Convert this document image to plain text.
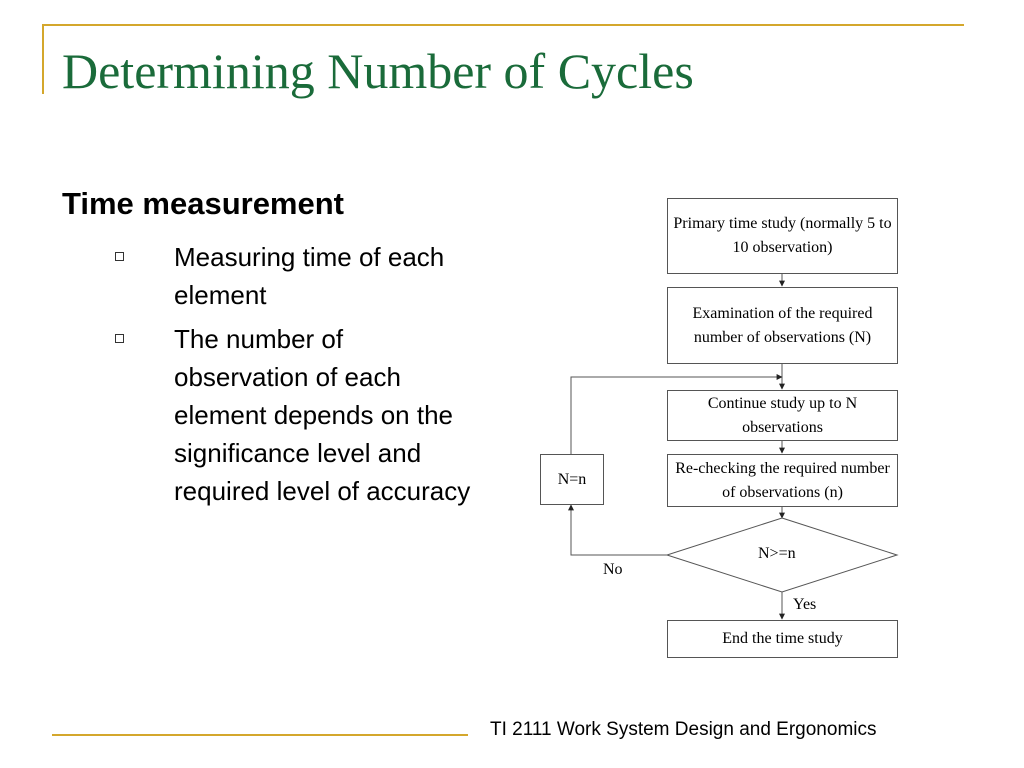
Determining Number of Cycles
Time measurement
Measuring time of each element
The number of observation of each element depends on the significance level and required level of accuracy
Primary time study (normally 5 to 10 observation)
Examination of the required number of observations (N)
Continue study up to N observations
Re-checking the required number of observations (n)
N>=n
End the time study
N=n
No
Yes
TI 2111 Work System Design and Ergonomics
